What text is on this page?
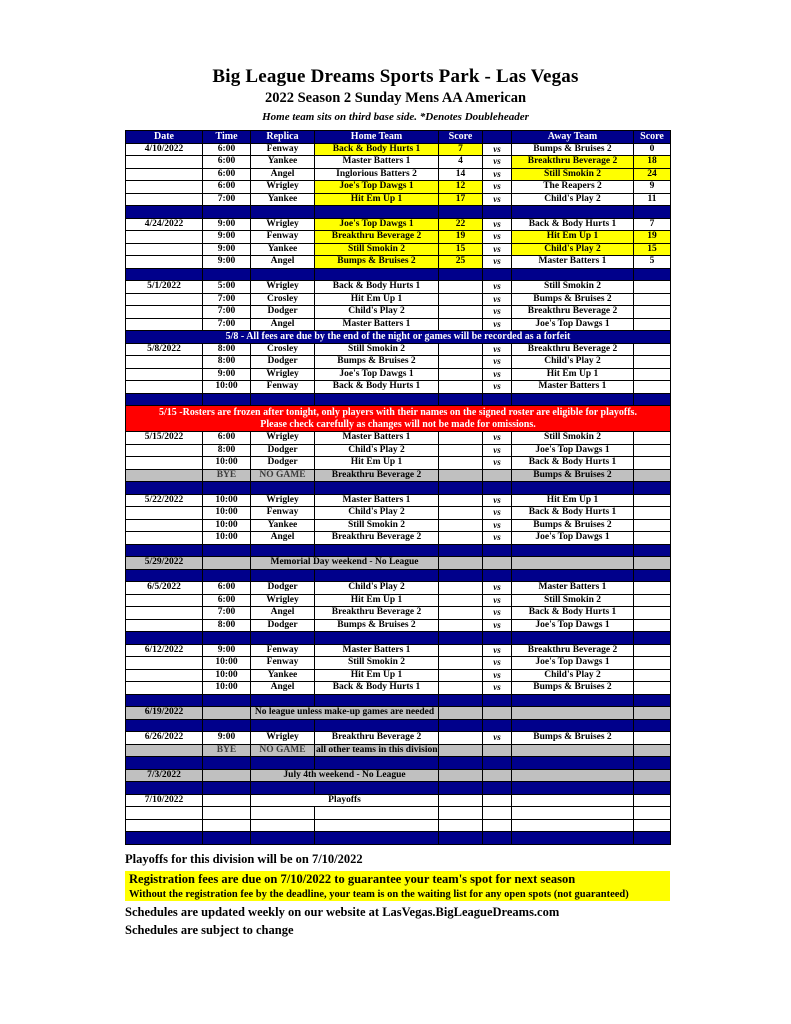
Big League Dreams Sports Park - Las Vegas
2022 Season 2 Sunday Mens AA American
Home team sits on third base side. *Denotes Doubleheader
Date	Time	Replica	Home Team	Score		Away Team	Score
4/10/2022	6:00	Fenway	Back & Body Hurts 1	7	vs	Bumps & Bruises 2	0
	6:00	Yankee	Master Batters 1	4	vs	Breakthru Beverage 2	18
	6:00	Angel	Inglorious Batters 2	14	vs	Still Smokin 2	24
	6:00	Wrigley	Joe's Top Dawgs 1	12	vs	The Reapers 2	9
	7:00	Yankee	Hit Em Up 1	17	vs	Child's Play 2	11

4/24/2022	9:00	Wrigley	Joe's Top Dawgs 1	22	vs	Back & Body Hurts 1	7
	9:00	Fenway	Breakthru Beverage 2	19	vs	Hit Em Up 1	19
	9:00	Yankee	Still Smokin 2	15	vs	Child's Play 2	15
	9:00	Angel	Bumps & Bruises 2	25	vs	Master Batters 1	5

5/1/2022	5:00	Wrigley	Back & Body Hurts 1		vs	Still Smokin 2	
	7:00	Crosley	Hit Em Up 1		vs	Bumps & Bruises 2	
	7:00	Dodger	Child's Play 2		vs	Breakthru Beverage 2	
	7:00	Angel	Master Batters 1		vs	Joe's Top Dawgs 1	
5/8 - All fees are due by the end of the night or games will be recorded as a forfeit							
5/8/2022	8:00	Crosley	Still Smokin 2		vs	Breakthru Beverage 2	
	8:00	Dodger	Bumps & Bruises 2		vs	Child's Play 2	
	9:00	Wrigley	Joe's Top Dawgs 1		vs	Hit Em Up 1	
	10:00	Fenway	Back & Body Hurts 1		vs	Master Batters 1	

5/15 -Rosters are frozen after tonight, only players with their names on the signed roster are eligible for playoffs.
Please check carefully as changes will not be made for omissions.							

5/15/2022	6:00	Wrigley	Master Batters 1		vs	Still Smokin 2	
	8:00	Dodger	Child's Play 2		vs	Joe's Top Dawgs 1	
	10:00	Dodger	Hit Em Up 1		vs	Back & Body Hurts 1	
	BYE	NO GAME	Breakthru Beverage 2			Bumps & Bruises 2	

5/22/2022	10:00	Wrigley	Master Batters 1		vs	Hit Em Up 1	
	10:00	Fenway	Child's Play 2		vs	Back & Body Hurts 1	
	10:00	Yankee	Still Smokin 2		vs	Bumps & Bruises 2	
	10:00	Angel	Breakthru Beverage 2		vs	Joe's Top Dawgs 1	

5/29/2022		Memorial Day weekend - No League					

6/5/2022	6:00	Dodger	Child's Play 2		vs	Master Batters 1	
	6:00	Wrigley	Hit Em Up 1		vs	Still Smokin 2	
	7:00	Angel	Breakthru Beverage 2		vs	Back & Body Hurts 1	
	8:00	Dodger	Bumps & Bruises 2		vs	Joe's Top Dawgs 1	

6/12/2022	9:00	Fenway	Master Batters 1		vs	Breakthru Beverage 2	
	10:00	Fenway	Still Smokin 2		vs	Joe's Top Dawgs 1	
	10:00	Yankee	Hit Em Up 1		vs	Child's Play 2	
	10:00	Angel	Back & Body Hurts 1		vs	Bumps & Bruises 2	

6/19/2022		No league unless make-up games are needed					

6/26/2022	9:00	Wrigley	Breakthru Beverage 2		vs	Bumps & Bruises 2	
	BYE	NO GAME	all other teams in this division				

7/3/2022		July 4th weekend - No League					

7/10/2022		Playoffs					

Playoffs for this division will be on 7/10/2022
Registration fees are due on 7/10/2022 to guarantee your team's spot for next season
Without the registration fee by the deadline, your team is on the waiting list for any open spots (not guaranteed)
Schedules are updated weekly on our website at LasVegas.BigLeagueDreams.com
Schedules are subject to change
